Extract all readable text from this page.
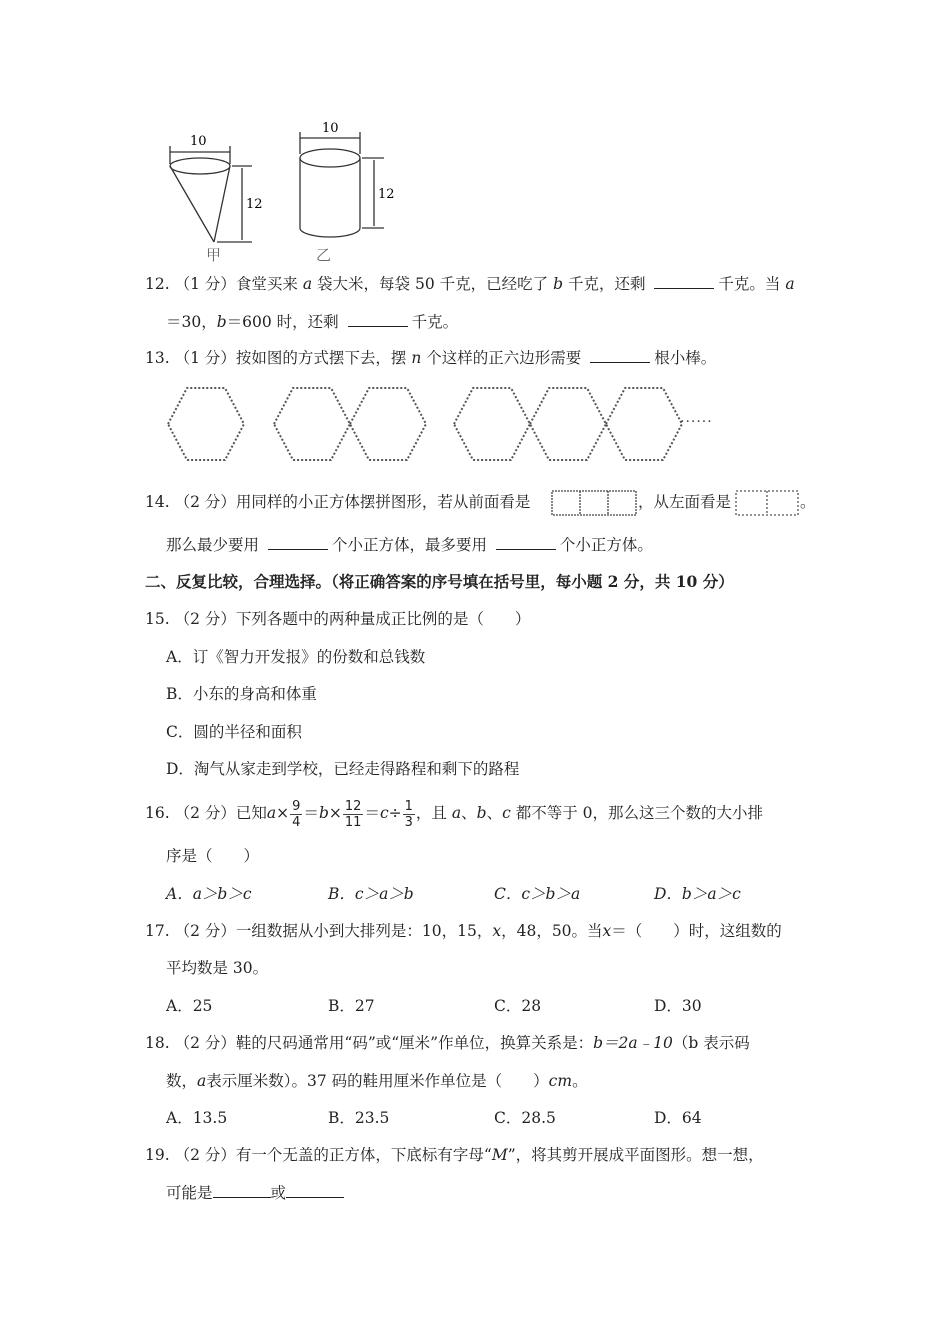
10
12
甲
10
12
乙
12. （1 分）食堂买来 a 袋大米，每袋 50 千克，已经吃了 b 千克，还剩	千克。当 a
＝30，b＝600 时，还剩	千克。
13. （1 分）按如图的方式摆下去，摆 n 个这样的正六边形需要	根小棒。
······
14. （2 分）用同样的小正方体摆拼图形，若从前面看是	，从左面看是	。
那么最少要用	个小正方体，最多要用	个小正方体。
二、反复比较，合理选择。（将正确答案的序号填在括号里，每小题 2 分，共 10 分）
15. （2 分）下列各题中的两种量成正比例的是（　　）
A．订《智力开发报》的份数和总钱数
B．小东的身高和体重
C．圆的半径和面积
D．淘气从家走到学校，已经走得路程和剩下的路程
16. （2 分）已知$a\times \frac{9}{4} =b\times \frac{12}{11} =c\div \frac{1}{3}$ ，且 a、b、c 都不等于 0，那么这三个数的大小排
序是（　　）
A．a＞b＞c	B．c＞a＞b	C．c＞b＞a	D．b＞a＞c
17. （2 分）一组数据从小到大排列是：10，15，x，48，50。当x＝（　　）时，这组数的
平均数是 30。
A．25	B．27	C．28	D．30
18. （2 分）鞋的尺码通常用“码”或“厘米”作单位，换算关系是：b＝2a﹣10（b 表示码
数，a表示厘米数）。37 码的鞋用厘米作单位是（　　）cm。
A．13.5	B．23.5	C．28.5	D．64
19. （2 分）有一个无盖的正方体，下底标有字母“M”，将其剪开展成平面图形。想一想，
可能是	或
